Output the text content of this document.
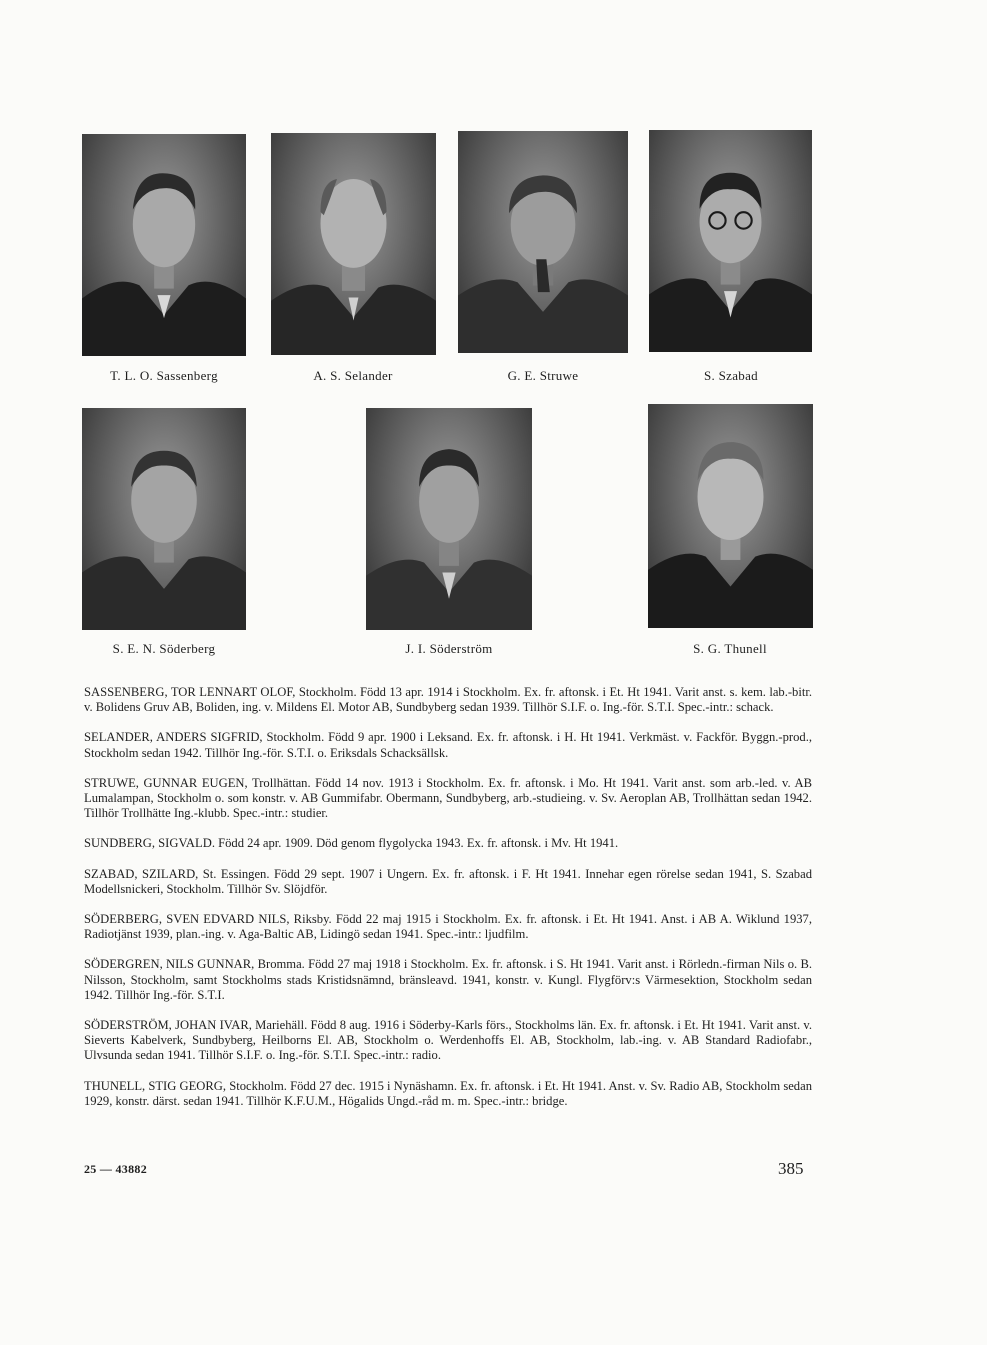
T. L. O. Sassenberg	A. S. Selander	G. E. Struwe	S. Szabad
S. E. N. Söderberg	J. I. Söderström	S. G. Thunell

SASSENBERG, TOR LENNART OLOF, Stockholm. Född 13 apr. 1914 i Stockholm. Ex. fr. aftonsk. i Et. Ht 1941. Varit anst. s. kem. lab.-bitr. v. Bolidens Gruv AB, Boliden, ing. v. Mildens El. Motor AB, Sundbyberg sedan 1939. Tillhör S.I.F. o. Ing.-för. S.T.I. Spec.-intr.: schack.

SELANDER, ANDERS SIGFRID, Stockholm. Född 9 apr. 1900 i Leksand. Ex. fr. aftonsk. i H. Ht 1941. Verkmäst. v. Fackför. Byggn.-prod., Stockholm sedan 1942. Tillhör Ing.-för. S.T.I. o. Eriksdals Schacksällsk.

STRUWE, GUNNAR EUGEN, Trollhättan. Född 14 nov. 1913 i Stockholm. Ex. fr. aftonsk. i Mo. Ht 1941. Varit anst. som arb.-led. v. AB Lumalampan, Stockholm o. som konstr. v. AB Gummifabr. Obermann, Sundbyberg, arb.-studieing. v. Sv. Aeroplan AB, Trollhättan sedan 1942. Tillhör Trollhätte Ing.-klubb. Spec.-intr.: studier.

SUNDBERG, SIGVALD. Född 24 apr. 1909. Död genom flygolycka 1943. Ex. fr. aftonsk. i Mv. Ht 1941.

SZABAD, SZILARD, St. Essingen. Född 29 sept. 1907 i Ungern. Ex. fr. aftonsk. i F. Ht 1941. Innehar egen rörelse sedan 1941, S. Szabad Modellsnickeri, Stockholm. Tillhör Sv. Slöjdför.

SÖDERBERG, SVEN EDVARD NILS, Riksby. Född 22 maj 1915 i Stockholm. Ex. fr. aftonsk. i Et. Ht 1941. Anst. i AB A. Wiklund 1937, Radiotjänst 1939, plan.-ing. v. Aga-Baltic AB, Lidingö sedan 1941. Spec.-intr.: ljudfilm.

SÖDERGREN, NILS GUNNAR, Bromma. Född 27 maj 1918 i Stockholm. Ex. fr. aftonsk. i S. Ht 1941. Varit anst. i Rörledn.-firman Nils o. B. Nilsson, Stockholm, samt Stockholms stads Kristidsnämnd, bränsleavd. 1941, konstr. v. Kungl. Flygförv:s Värmesektion, Stockholm sedan 1942. Tillhör Ing.-för. S.T.I.

SÖDERSTRÖM, JOHAN IVAR, Mariehäll. Född 8 aug. 1916 i Söderby-Karls förs., Stockholms län. Ex. fr. aftonsk. i Et. Ht 1941. Varit anst. v. Sieverts Kabelverk, Sundbyberg, Heilborns El. AB, Stockholm o. Werdenhoffs El. AB, Stockholm, lab.-ing. v. AB Standard Radiofabr., Ulvsunda sedan 1941. Tillhör S.I.F. o. Ing.-för. S.T.I. Spec.-intr.: radio.

THUNELL, STIG GEORG, Stockholm. Född 27 dec. 1915 i Nynäshamn. Ex. fr. aftonsk. i Et. Ht 1941. Anst. v. Sv. Radio AB, Stockholm sedan 1929, konstr. därst. sedan 1941. Tillhör K.F.U.M., Högalids Ungd.-råd m. m. Spec.-intr.: bridge.

25 — 43882	385
